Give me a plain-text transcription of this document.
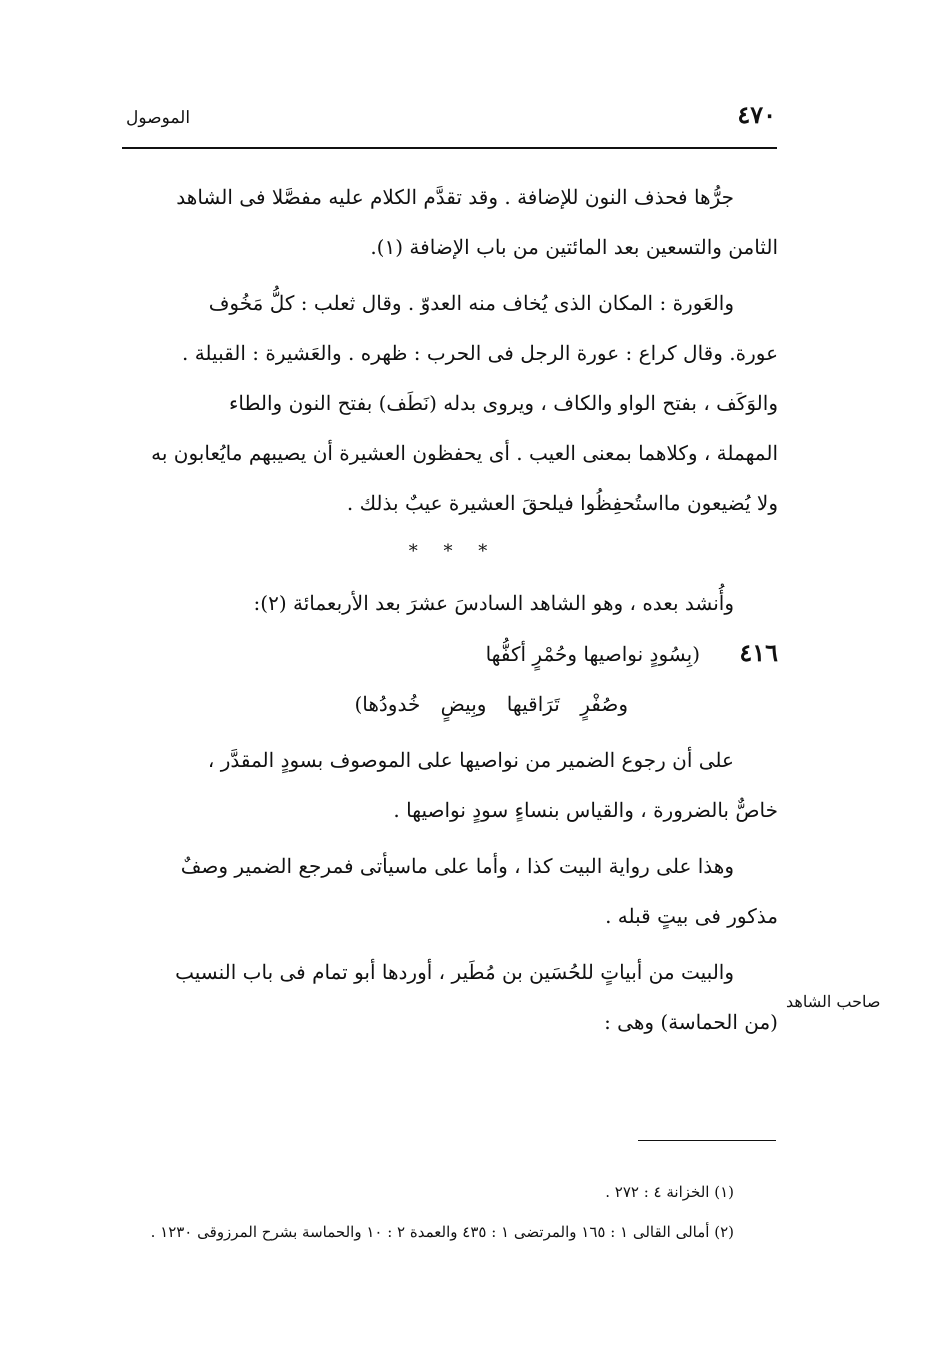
٤٧٠
الموصول

جرُّها فحذف النون للإضافة . وقد تقدَّم الكلام عليه مفصَّلا فى الشاهد
الثامن والتسعين بعد المائتين من باب الإضافة (١).

والعَورة : المكان الذى يُخاف منه العدوّ . وقال ثعلب : كلُّ مَخُوف
عورة. وقال كراع : عورة الرجل فى الحرب : ظهره . والعَشيرة : القبيلة .
والوَكَف ، بفتح الواو والكاف ، ويروى بدله (نَطَف) بفتح النون والطاء
المهملة ، وكلاهما بمعنى العيب . أى يحفظون العشيرة أن يصيبهم مايُعابون به
ولا يُضيعون مااستُحفِظُوا فيلحقَ العشيرة عيبٌ بذلك .

* * *

وأُنشد بعده ، وهو الشاهد السادسَ عشرَ بعد الأربعمائة (٢):

٤١٦
(بِسُودٍ نواصيها وحُمْرٍ أكفُّها
وصُفْرٍ تَرَاقيها وبِيضٍ خُدودُها)

على أن رجوع الضمير من نواصيها على الموصوف بسودٍ المقدَّر ،
خاصٌّ بالضرورة ، والقياس بنساءٍ سودٍ نواصيها .

وهذا على رواية البيت كذا ، وأما على ماسيأتى فمرجع الضمير وصفٌ
مذكور فى بيتٍ قبله .

والبيت من أبياتٍ للحُسَين بن مُطَير ، أوردها أبو تمام فى باب النسيب
(من الحماسة) وهى :

صاحب الشاهد

(١) الخزانة ٤ : ٢٧٢ .

(٢) أمالى القالى ١ : ١٦٥ والمرتضى ١ : ٤٣٥ والعمدة ٢ : ١٠ والحماسة بشرح المرزوقى ١٢٣٠ .
